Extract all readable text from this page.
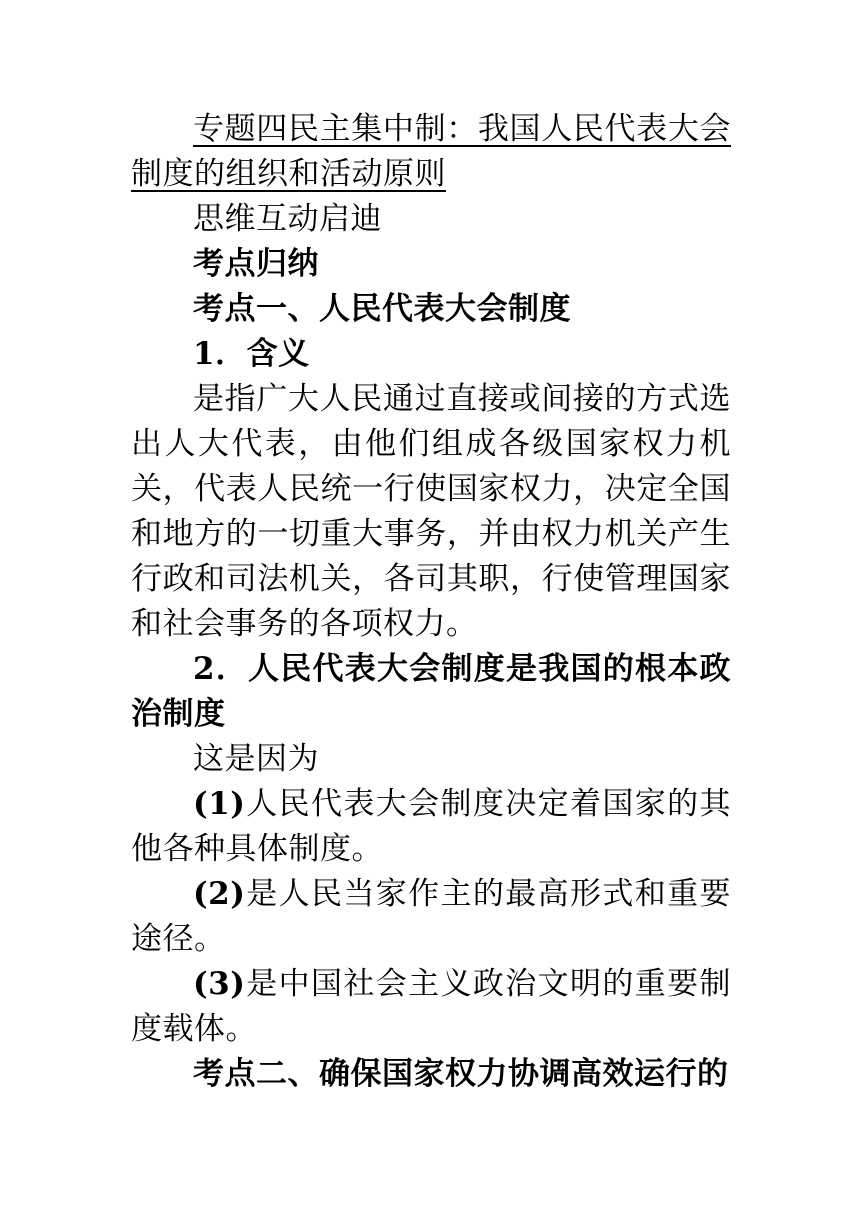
专题四民主集中制：我国人民代表大会制度的组织和活动原则

思维互动启迪

考点归纳

考点一、人民代表大会制度

1．含义

是指广大人民通过直接或间接的方式选出人大代表，由他们组成各级国家权力机关，代表人民统一行使国家权力，决定全国和地方的一切重大事务，并由权力机关产生行政和司法机关，各司其职，行使管理国家和社会事务的各项权力。

2．人民代表大会制度是我国的根本政治制度

这是因为

(1)人民代表大会制度决定着国家的其他各种具体制度。

(2)是人民当家作主的最高形式和重要途径。

(3)是中国社会主义政治文明的重要制度载体。

考点二、确保国家权力协调高效运行的
